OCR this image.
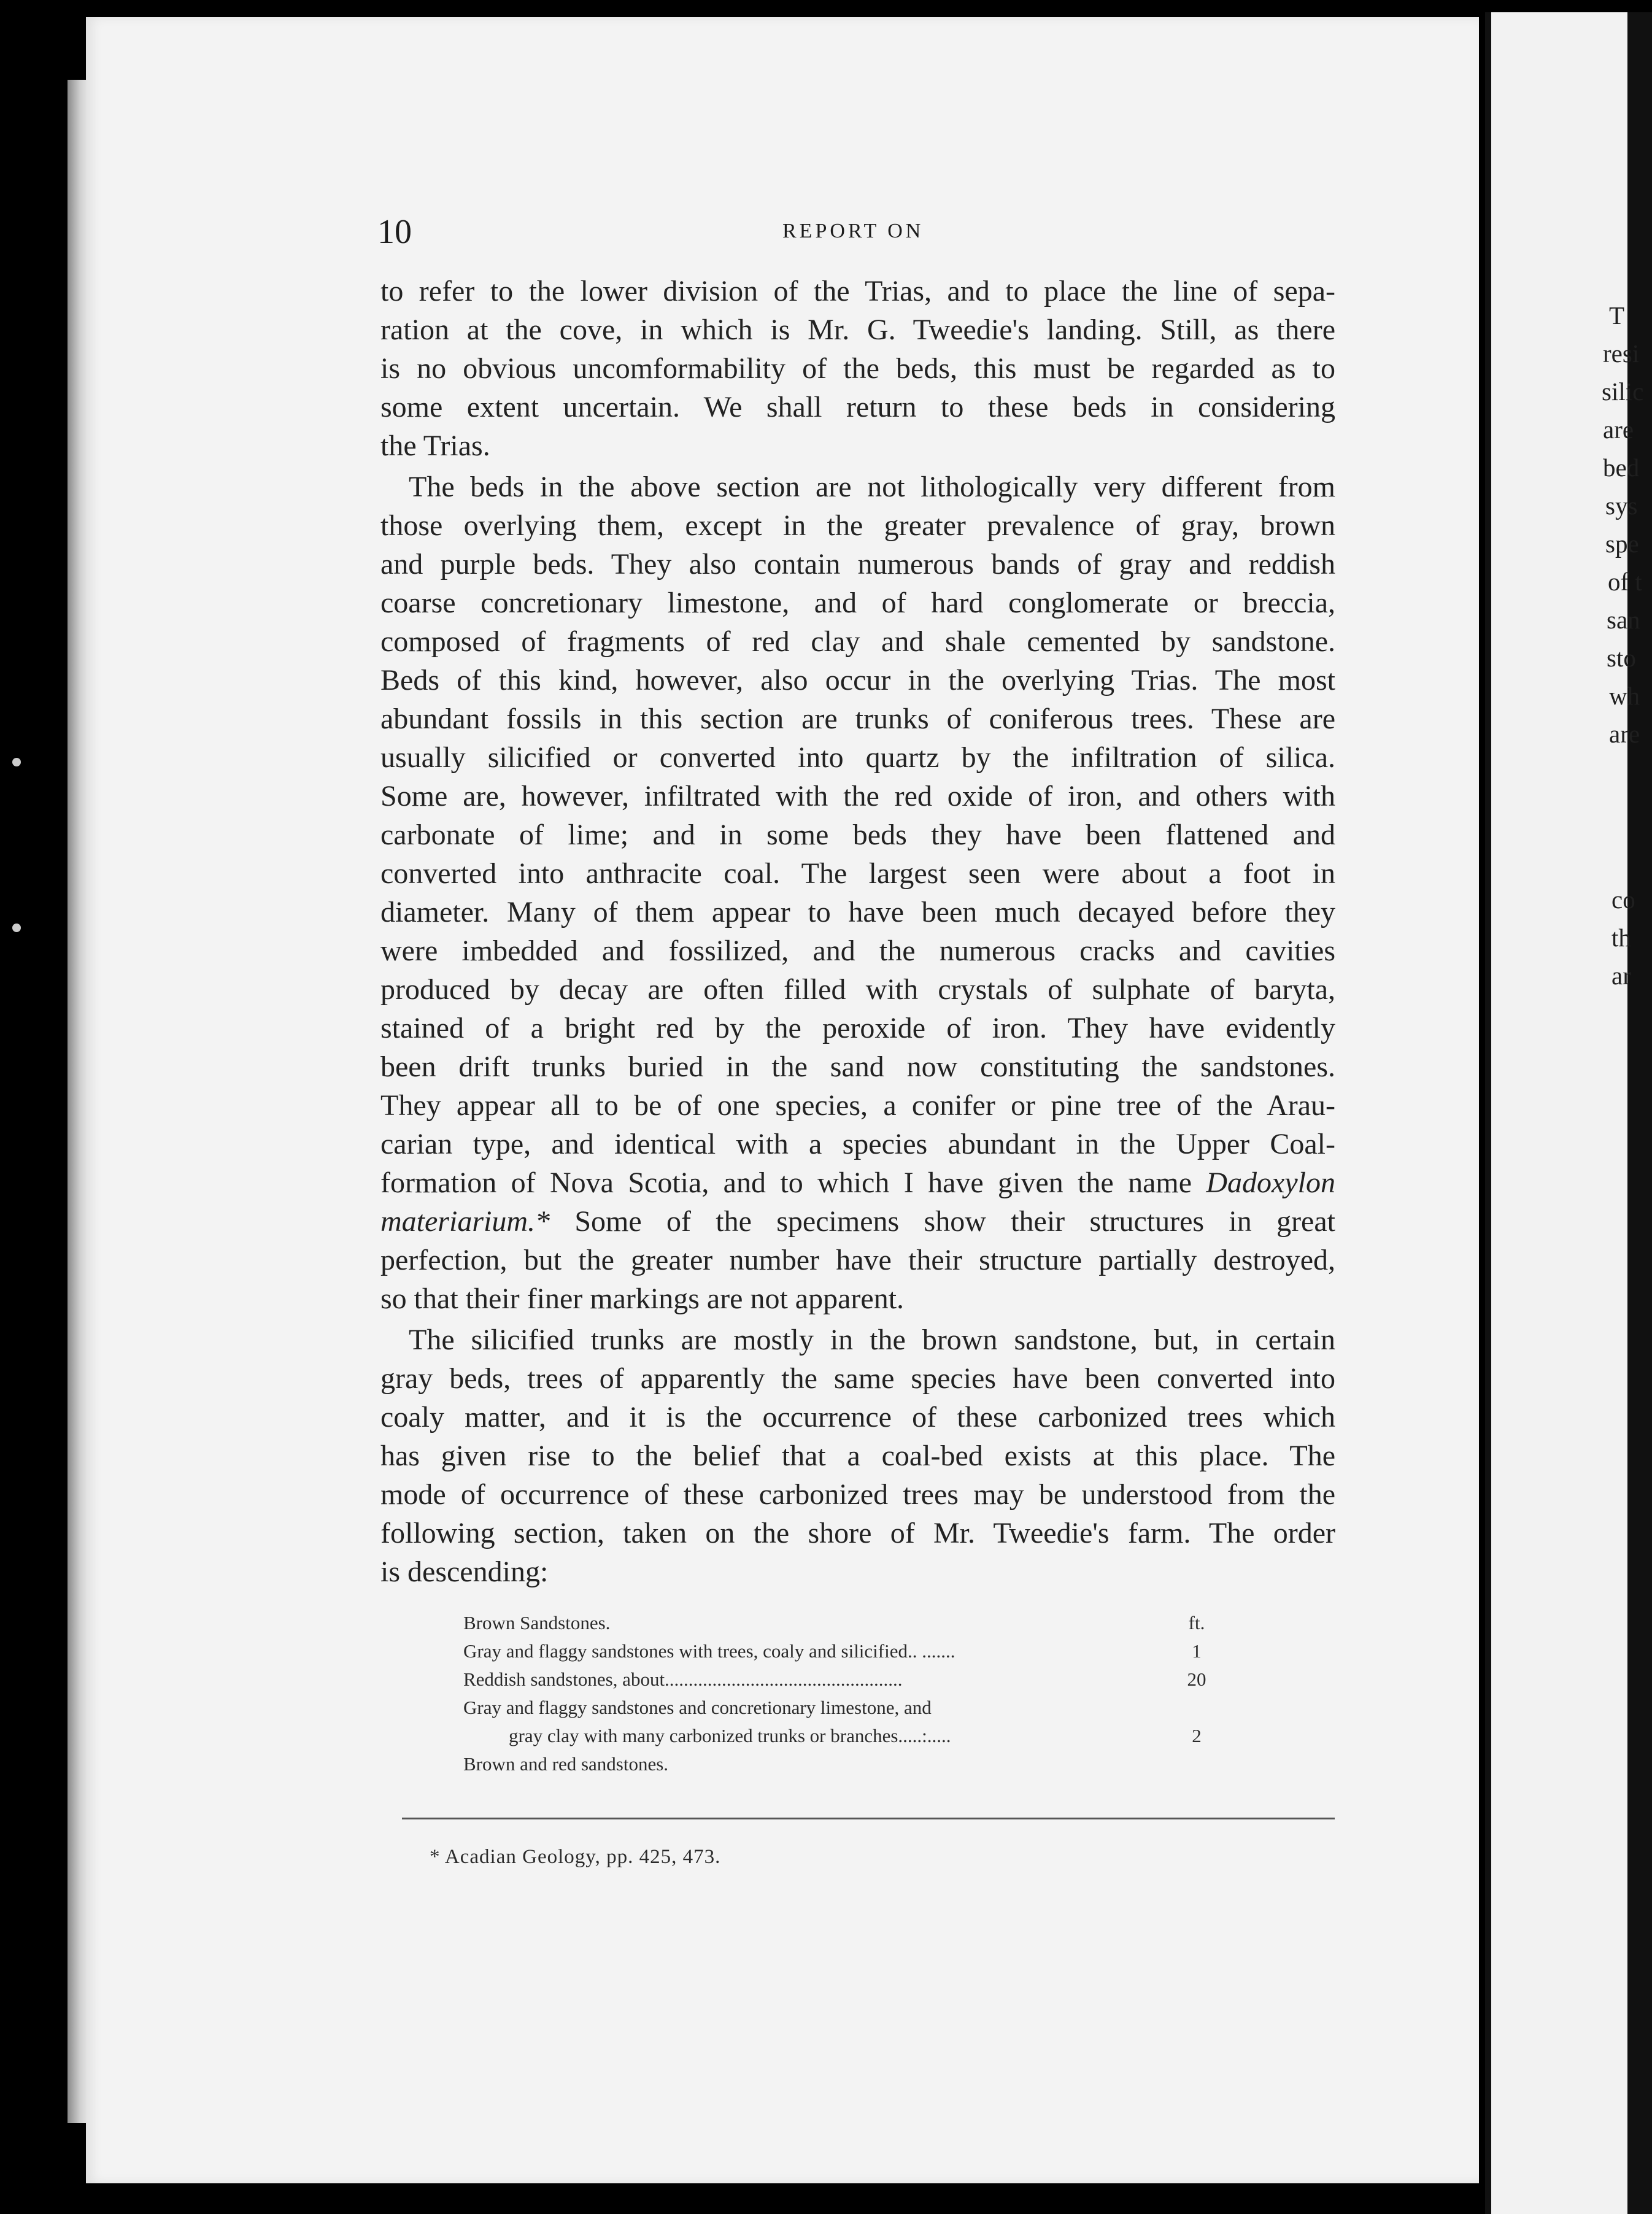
10	REPORT ON
to refer to the lower division of the Trias, and to place the line of sepa-
ration at the cove, in which is Mr. G. Tweedie's landing. Still, as there
is no obvious uncomformability of the beds, this must be regarded as to
some extent uncertain. We shall return to these beds in considering
the Trias.
The beds in the above section are not lithologically very different from
those overlying them, except in the greater prevalence of gray, brown
and purple beds. They also contain numerous bands of gray and reddish
coarse concretionary limestone, and of hard conglomerate or breccia,
composed of fragments of red clay and shale cemented by sandstone.
Beds of this kind, however, also occur in the overlying Trias. The most
abundant fossils in this section are trunks of coniferous trees. These are
usually silicified or converted into quartz by the infiltration of silica.
Some are, however, infiltrated with the red oxide of iron, and others with
carbonate of lime; and in some beds they have been flattened and
converted into anthracite coal. The largest seen were about a foot in
diameter. Many of them appear to have been much decayed before they
were imbedded and fossilized, and the numerous cracks and cavities
produced by decay are often filled with crystals of sulphate of baryta,
stained of a bright red by the peroxide of iron. They have evidently
been drift trunks buried in the sand now constituting the sandstones.
They appear all to be of one species, a conifer or pine tree of the Arau-
carian type, and identical with a species abundant in the Upper Coal-
formation of Nova Scotia, and to which I have given the name Dadoxylon
materiarium.* Some of the specimens show their structures in great
perfection, but the greater number have their structure partially destroyed,
so that their finer markings are not apparent.
The silicified trunks are mostly in the brown sandstone, but, in certain
gray beds, trees of apparently the same species have been converted into
coaly matter, and it is the occurrence of these carbonized trees which
has given rise to the belief that a coal-bed exists at this place. The
mode of occurrence of these carbonized trees may be understood from the
following section, taken on the shore of Mr. Tweedie's farm. The order
is descending:
Brown Sandstones.	ft.
Gray and flaggy sandstones with trees, coaly and silicified.. .......	1
Reddish sandstones, about..................................................	20
Gray and flaggy sandstones and concretionary limestone, and
gray clay with many carbonized trunks or branches.....:.....	2
Brown and red sandstones.
* Acadian Geology, pp. 425, 473.
T
resi
silic
are
bed
sys
spe
of t
san
sto
wh
are
co
th
ar
